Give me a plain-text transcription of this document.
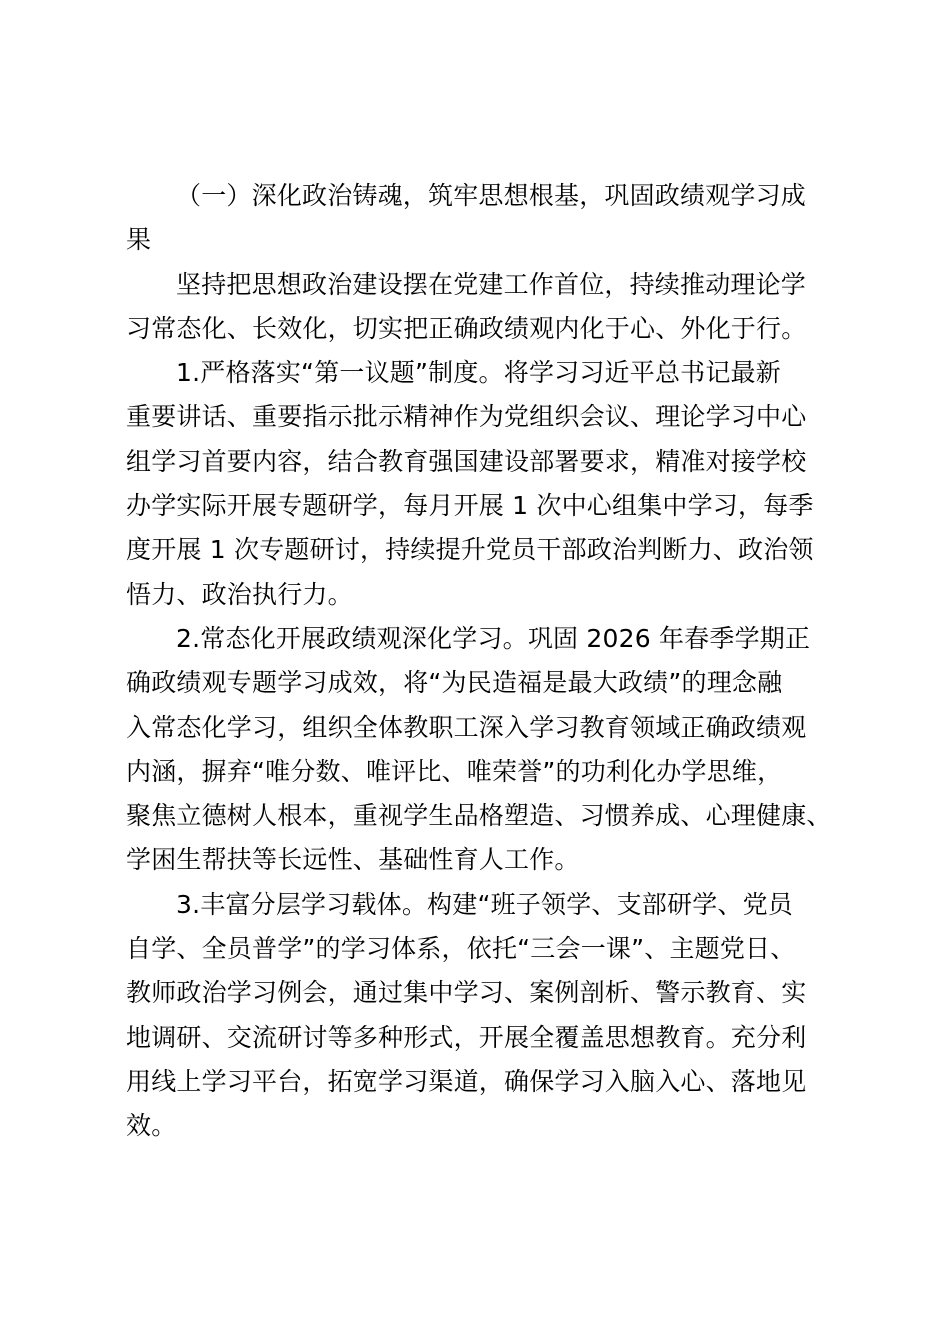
（一）深化政治铸魂，筑牢思想根基，巩固政绩观学习成
果
坚持把思想政治建设摆在党建工作首位，持续推动理论学
习常态化、长效化，切实把正确政绩观内化于心、外化于行。
1.严格落实“第一议题”制度。将学习习近平总书记最新
重要讲话、重要指示批示精神作为党组织会议、理论学习中心
组学习首要内容，结合教育强国建设部署要求，精准对接学校
办学实际开展专题研学，每月开展 1 次中心组集中学习，每季
度开展 1 次专题研讨，持续提升党员干部政治判断力、政治领
悟力、政治执行力。
2.常态化开展政绩观深化学习。巩固 2026 年春季学期正
确政绩观专题学习成效，将“为民造福是最大政绩”的理念融
入常态化学习，组织全体教职工深入学习教育领域正确政绩观
内涵，摒弃“唯分数、唯评比、唯荣誉”的功利化办学思维，
聚焦立德树人根本，重视学生品格塑造、习惯养成、心理健康、
学困生帮扶等长远性、基础性育人工作。
3.丰富分层学习载体。构建“班子领学、支部研学、党员
自学、全员普学”的学习体系，依托“三会一课”、主题党日、
教师政治学习例会，通过集中学习、案例剖析、警示教育、实
地调研、交流研讨等多种形式，开展全覆盖思想教育。充分利
用线上学习平台，拓宽学习渠道，确保学习入脑入心、落地见
效。
